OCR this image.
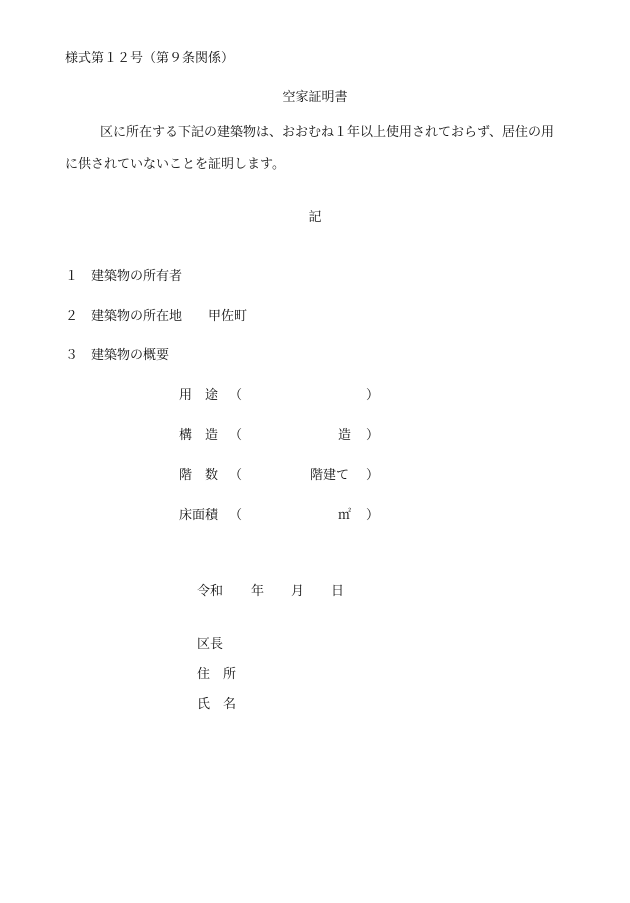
様式第１２号（第９条関係）
空家証明書
区に所在する下記の建築物は、おおむね１年以上使用されておらず、居住の用
に供されていないことを証明します。
記
１ 建築物の所有者
２ 建築物の所在地 甲佐町
３ 建築物の概要
用　途 （	）
構　造 （	造 ）
階　数 （	階建て ）
床面積 （	㎡ ）
令和 年 月 日
区長
住　所
氏　名
